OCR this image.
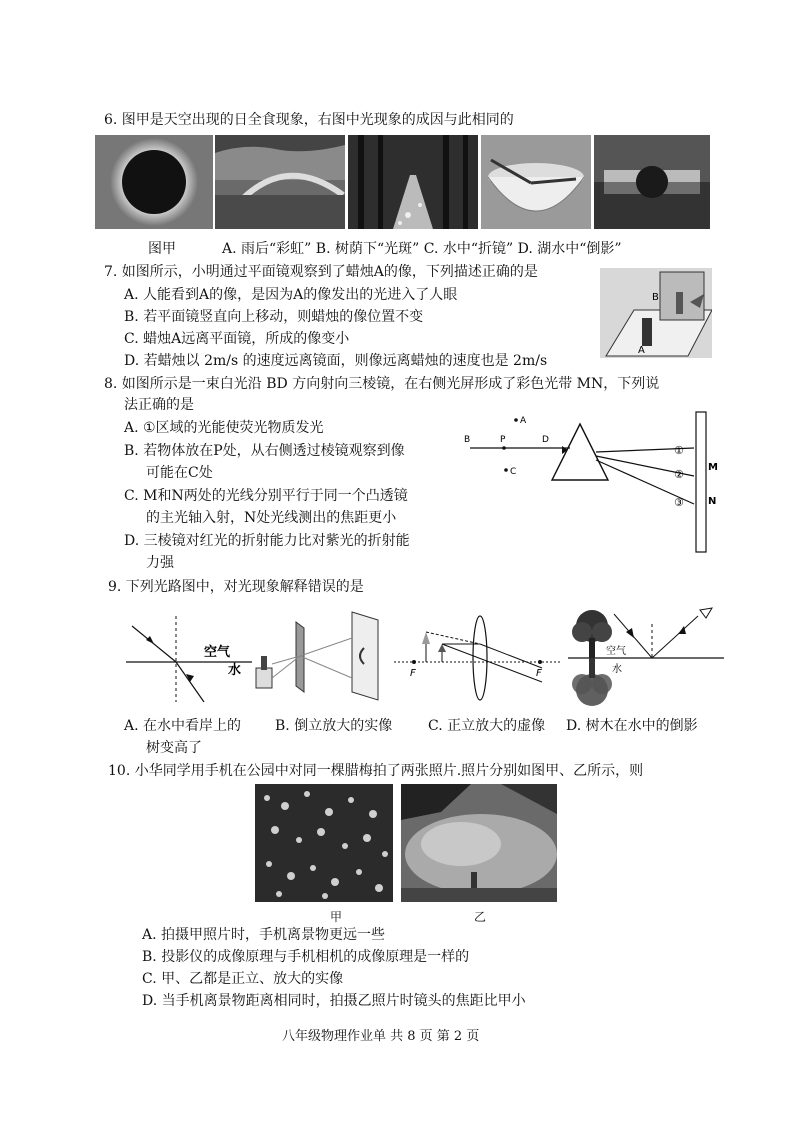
6. 图甲是天空出现的日全食现象，右图中光现象的成因与此相同的
图甲	A. 雨后“彩虹” B. 树荫下“光斑” C. 水中“折镜” D. 湖水中“倒影”
7. 如图所示，小明通过平面镜观察到了蜡烛A的像，下列描述正确的是
A. 人能看到A的像，是因为A的像发出的光进入了人眼
B. 若平面镜竖直向上移动，则蜡烛的像位置不变
C. 蜡烛A远离平面镜，所成的像变小
D. 若蜡烛以 2m/s 的速度远离镜面，则像远离蜡烛的速度也是 2m/s
B
A
8. 如图所示是一束白光沿 BD 方向射向三棱镜，在右侧光屏形成了彩色光带 MN，下列说
法正确的是
A. ①区域的光能使荧光物质发光
B. 若物体放在P处，从右侧透过棱镜观察到像
可能在C处
C. M和N两处的光线分别平行于同一个凸透镜
的主光轴入射，N处光线测出的焦距更小
D. 三棱镜对红光的折射能力比对紫光的折射能
力强
B	P	D
A
C
①
②
③
M
N
9. 下列光路图中，对光现象解释错误的是
空气
水	F	F
空气
水
A. 在水中看岸上的
树变高了
B. 倒立放大的实像	C. 正立放大的虚像 D. 树木在水中的倒影
10. 小华同学用手机在公园中对同一棵腊梅拍了两张照片.照片分别如图甲、乙所示，则
甲	乙
A. 拍摄甲照片时，手机离景物更远一些
B. 投影仪的成像原理与手机相机的成像原理是一样的
C. 甲、乙都是正立、放大的实像
D. 当手机离景物距离相同时，拍摄乙照片时镜头的焦距比甲小
八年级物理作业单 共 8 页 第 2 页
